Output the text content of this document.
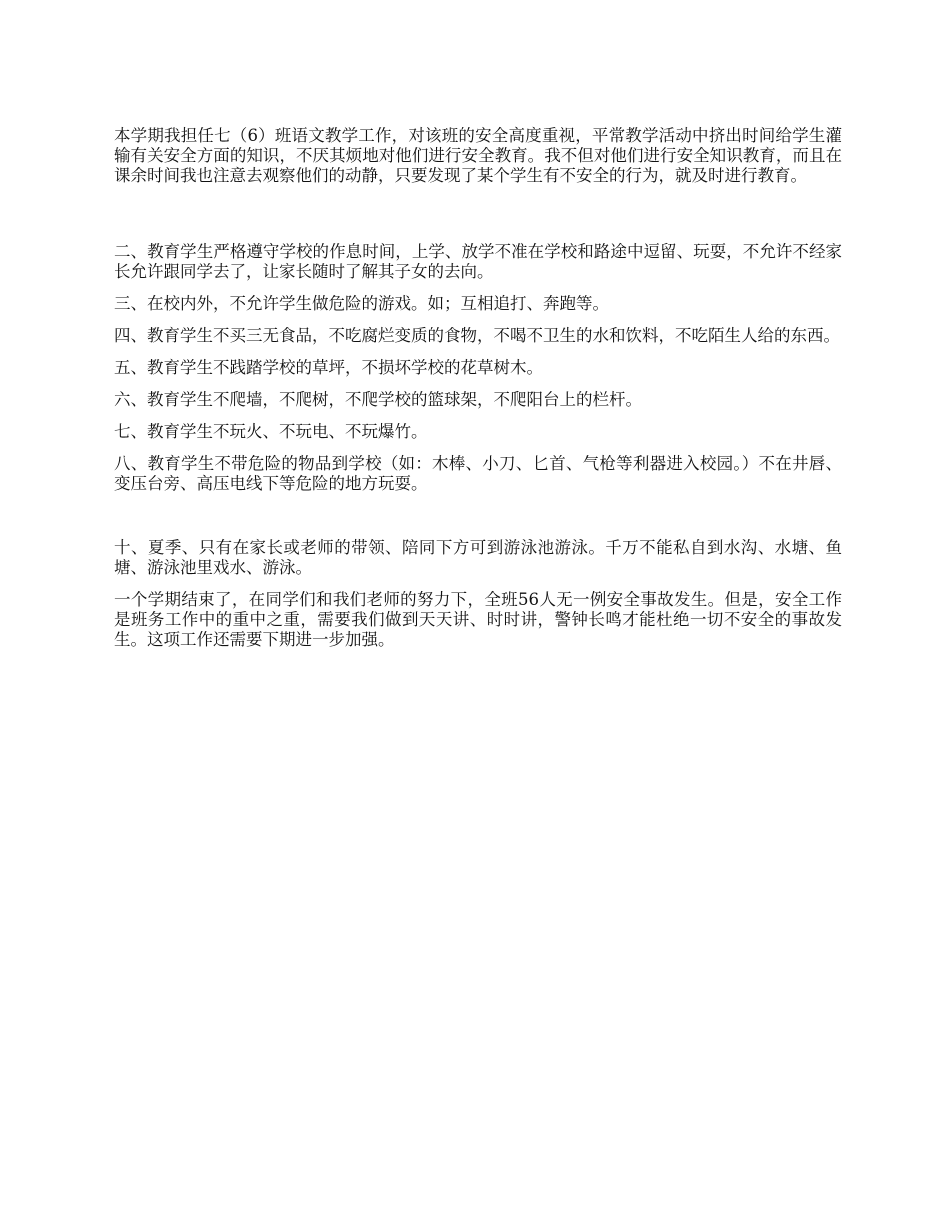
本学期我担任七（6）班语文教学工作，对该班的安全高度重视，平常教学活动中挤出时间给学生灌输有关安全方面的知识，不厌其烦地对他们进行安全教育。我不但对他们进行安全知识教育，而且在课余时间我也注意去观察他们的动静，只要发现了某个学生有不安全的行为，就及时进行教育。

二、教育学生严格遵守学校的作息时间，上学、放学不准在学校和路途中逗留、玩耍，不允许不经家长允许跟同学去了，让家长随时了解其子女的去向。

三、在校内外，不允许学生做危险的游戏。如；互相追打、奔跑等。

四、教育学生不买三无食品，不吃腐烂变质的食物，不喝不卫生的水和饮料，不吃陌生人给的东西。

五、教育学生不践踏学校的草坪，不损坏学校的花草树木。

六、教育学生不爬墙，不爬树，不爬学校的篮球架，不爬阳台上的栏杆。

七、教育学生不玩火、不玩电、不玩爆竹。

八、教育学生不带危险的物品到学校（如：木棒、小刀、匕首、气枪等利器进入校园。）不在井唇、变压台旁、高压电线下等危险的地方玩耍。

十、夏季、只有在家长或老师的带领、陪同下方可到游泳池游泳。千万不能私自到水沟、水塘、鱼塘、游泳池里戏水、游泳。

一个学期结束了，在同学们和我们老师的努力下，全班56人无一例安全事故发生。但是，安全工作是班务工作中的重中之重，需要我们做到天天讲、时时讲，警钟长鸣才能杜绝一切不安全的事故发生。这项工作还需要下期进一步加强。
